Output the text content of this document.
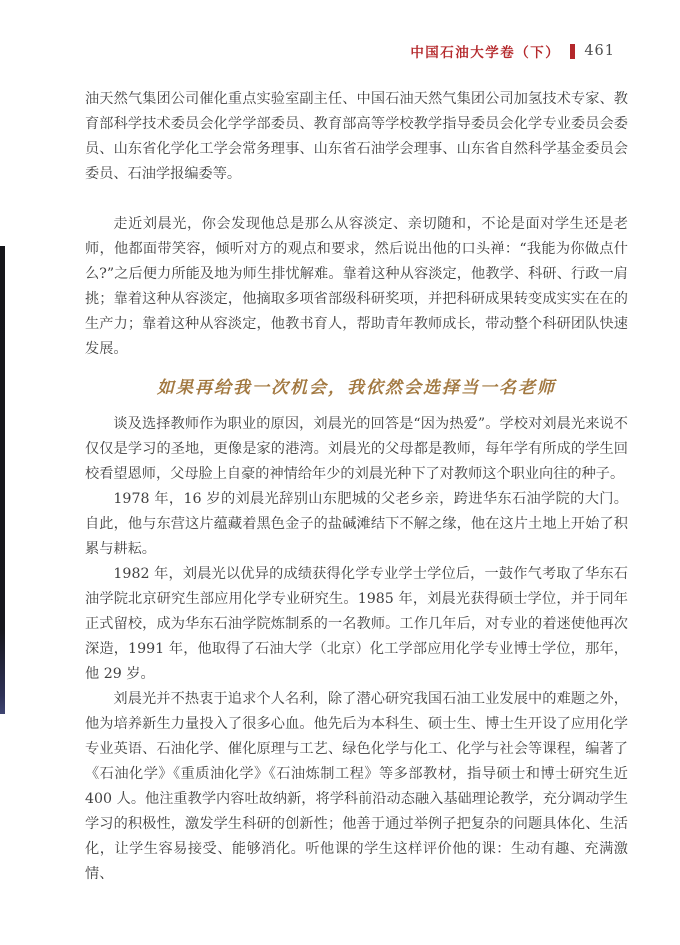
中国石油大学卷（下） 461

油天然气集团公司催化重点实验室副主任、中国石油天然气集团公司加氢技术专家、教育部科学技术委员会化学学部委员、教育部高等学校教学指导委员会化学专业委员会委员、山东省化学化工学会常务理事、山东省石油学会理事、山东省自然科学基金委员会委员、石油学报编委等。

走近刘晨光，你会发现他总是那么从容淡定、亲切随和，不论是面对学生还是老师，他都面带笑容，倾听对方的观点和要求，然后说出他的口头禅：“我能为你做点什么?”之后便力所能及地为师生排忧解难。靠着这种从容淡定，他教学、科研、行政一肩挑；靠着这种从容淡定，他摘取多项省部级科研奖项，并把科研成果转变成实实在在的生产力；靠着这种从容淡定，他教书育人，帮助青年教师成长，带动整个科研团队快速发展。

如果再给我一次机会，我依然会选择当一名老师

谈及选择教师作为职业的原因，刘晨光的回答是“因为热爱”。学校对刘晨光来说不仅仅是学习的圣地，更像是家的港湾。刘晨光的父母都是教师，每年学有所成的学生回校看望恩师，父母脸上自豪的神情给年少的刘晨光种下了对教师这个职业向往的种子。

1978 年，16 岁的刘晨光辞别山东肥城的父老乡亲，跨进华东石油学院的大门。自此，他与东营这片蕴藏着黑色金子的盐碱滩结下不解之缘，他在这片土地上开始了积累与耕耘。

1982 年，刘晨光以优异的成绩获得化学专业学士学位后，一鼓作气考取了华东石油学院北京研究生部应用化学专业研究生。1985 年，刘晨光获得硕士学位，并于同年正式留校，成为华东石油学院炼制系的一名教师。工作几年后，对专业的着迷使他再次深造，1991 年，他取得了石油大学（北京）化工学部应用化学专业博士学位，那年，他 29 岁。

刘晨光并不热衷于追求个人名利，除了潜心研究我国石油工业发展中的难题之外，他为培养新生力量投入了很多心血。他先后为本科生、硕士生、博士生开设了应用化学专业英语、石油化学、催化原理与工艺、绿色化学与化工、化学与社会等课程，编著了《石油化学》《重质油化学》《石油炼制工程》等多部教材，指导硕士和博士研究生近 400 人。他注重教学内容吐故纳新，将学科前沿动态融入基础理论教学，充分调动学生学习的积极性，激发学生科研的创新性；他善于通过举例子把复杂的问题具体化、生活化，让学生容易接受、能够消化。听他课的学生这样评价他的课：生动有趣、充满激情、
